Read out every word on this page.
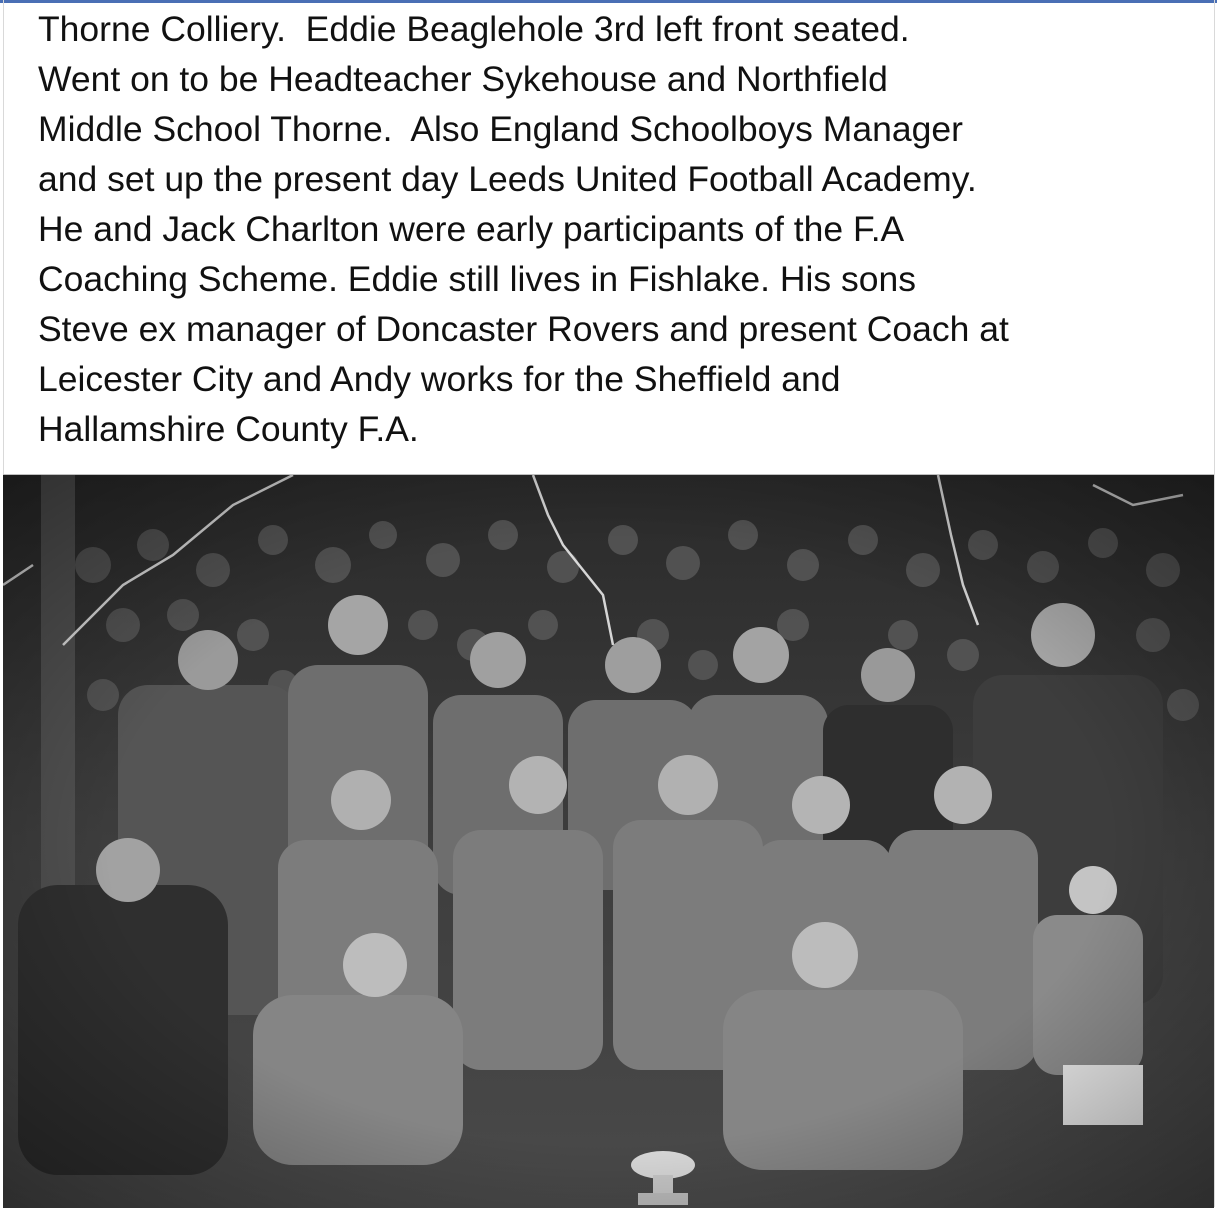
Thorne Colliery.  Eddie Beaglehole 3rd left front seated.
Went on to be Headteacher Sykehouse and Northfield
Middle School Thorne.  Also England Schoolboys Manager
and set up the present day Leeds United Football Academy.
He and Jack Charlton were early participants of the F.A
Coaching Scheme. Eddie still lives in Fishlake. His sons
Steve ex manager of Doncaster Rovers and present Coach at
Leicester City and Andy works for the Sheffield and
Hallamshire County F.A.
